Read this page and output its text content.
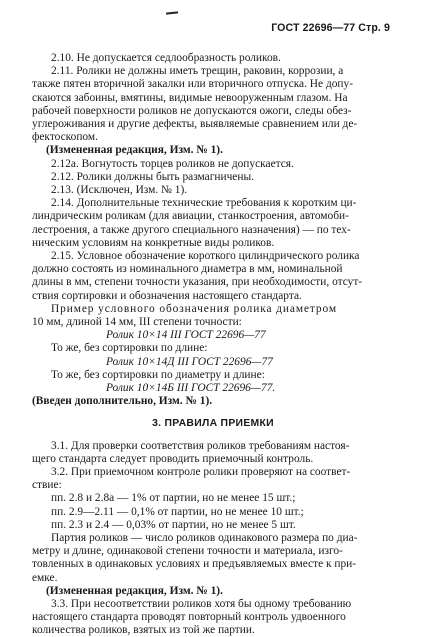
ГОСТ 22696—77 Стр. 9
2.10. Не допускается седлообразность роликов.
2.11. Ролики не должны иметь трещин, раковин, коррозии, а
также пятен вторичной закалки или вторичного отпуска. Не допу-
скаются забоины, вмятины, видимые невооруженным глазом. На
рабочей поверхности роликов не допускаются ожоги, следы обез-
углероживания и другие дефекты, выявляемые сравнением или де-
фектоскопом.
(Измененная редакция, Изм. № 1).
2.12а. Вогнутость торцев роликов не допускается.
2.12. Ролики должны быть размагничены.
2.13. (Исключен, Изм. № 1).
2.14. Дополнительные технические требования к коротким ци-
линдрическим роликам (для авиации, станкостроения, автомоби-
лестроения, а также другого специального назначения) — по тех-
ническим условиям на конкретные виды роликов.
2.15. Условное обозначение короткого цилиндрического ролика
должно состоять из номинального диаметра в мм, номинальной
длины в мм, степени точности указания, при необходимости, отсут-
ствия сортировки и обозначения настоящего стандарта.
Пример условного обозначения ролика диаметром
10 мм, длиной 14 мм, III степени точности:
Ролик 10×14 III ГОСТ 22696—77
То же, без сортировки по длине:
Ролик 10×14Д III ГОСТ 22696—77
То же, без сортировки по диаметру и длине:
Ролик 10×14Б III ГОСТ 22696—77.
(Введен дополнительно, Изм. № 1).
3. ПРАВИЛА ПРИЕМКИ
3.1. Для проверки соответствия роликов требованиям настоя-
щего стандарта следует проводить приемочный контроль.
3.2. При приемочном контроле ролики проверяют на соответ-
ствие:
пп. 2.8 и 2.8а — 1% от партии, но не менее 15 шт.;
пп. 2.9—2.11 — 0,1% от партии, но не менее 10 шт.;
пп. 2.3 и 2.4 — 0,03% от партии, но не менее 5 шт.
Партия роликов — число роликов одинакового размера по диа-
метру и длине, одинаковой степени точности и материала, изго-
товленных в одинаковых условиях и предъявляемых вместе к при-
емке.
(Измененная редакция, Изм. № 1).
3.3. При несоответствии роликов хотя бы одному требованию
настоящего стандарта проводят повторный контроль удвоенного
количества роликов, взятых из той же партии.
